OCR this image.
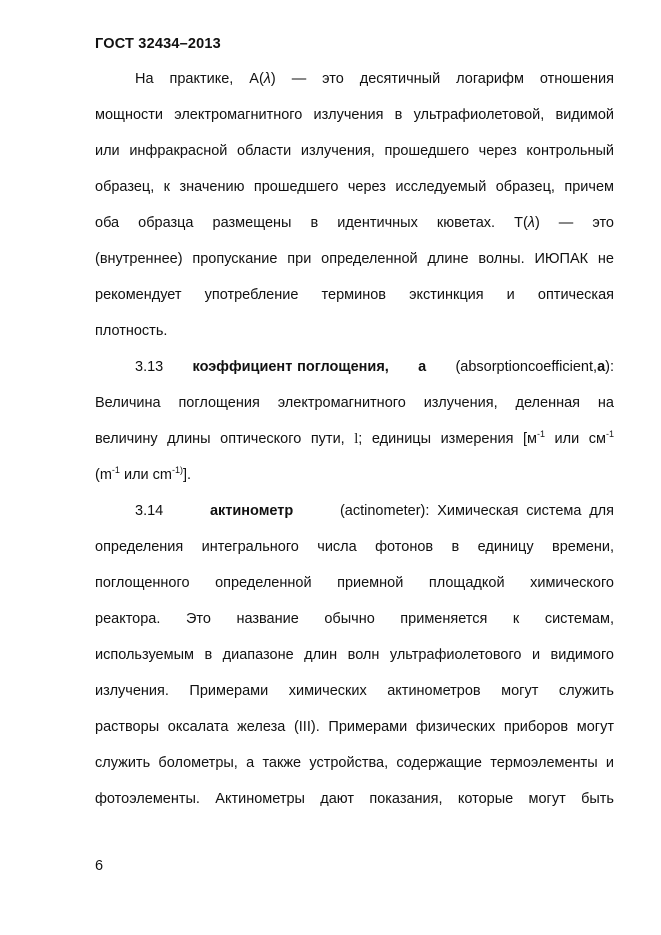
ГОСТ 32434–2013
На практике, А(λ) — это десятичный логарифм отношения
мощности электромагнитного излучения в ультрафиолетовой, видимой
или инфракрасной области излучения, прошедшего через контрольный
образец, к значению прошедшего через исследуемый образец, причем
оба образца размещены в идентичных кюветах. Т(λ) — это
(внутреннее) пропускание при определенной длине волны. ИЮПАК не
рекомендует употребление терминов экстинкция и оптическая
плотность.
3.13 коэффициент поглощения, а (absorptioncoefficient,a):
Величина поглощения электромагнитного излучения, деленная на
величину длины оптического пути, l; единицы измерения [$м^{-1}$ или $см^{-1}$
($m^{-1}$ или $cm^{-1)}$].
3.14	актинометр	(actinometer): Химическая система для
определения интегрального числа фотонов в единицу времени,
поглощенного определенной приемной площадкой химического
реактора. Это название обычно применяется к системам,
используемым в диапазоне длин волн ультрафиолетового и видимого
излучения. Примерами химических актинометров могут служить
растворы оксалата железа (III). Примерами физических приборов могут
служить болометры, а также устройства, содержащие термоэлементы и
фотоэлементы. Актинометры дают показания, которые могут быть
6
